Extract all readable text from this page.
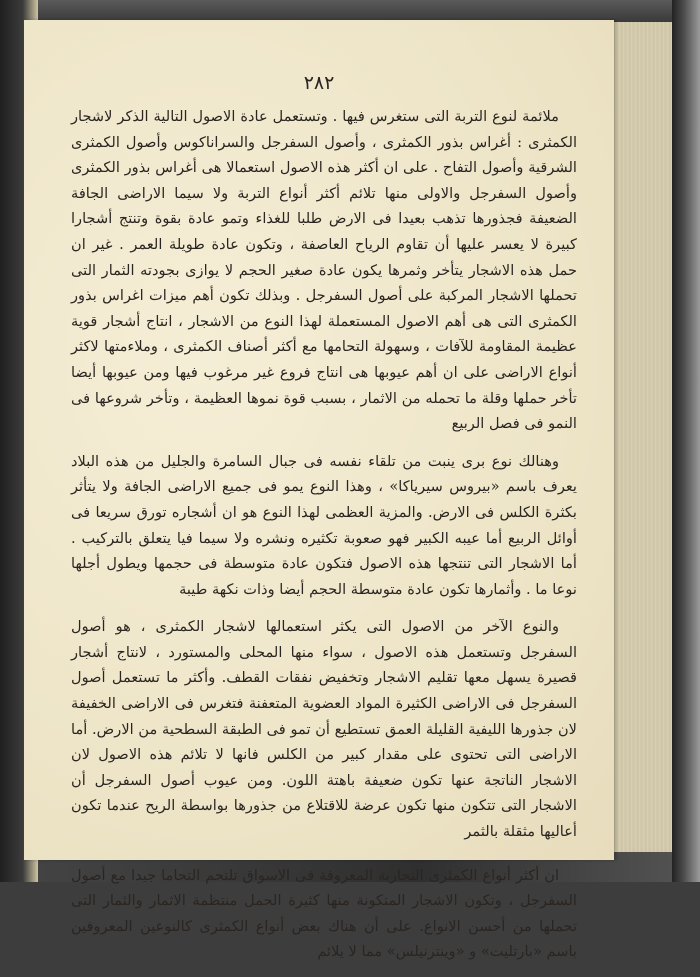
٢٨٢

ملائمة لنوع التربة التى ستغرس فيها . وتستعمل عادة الاصول التالية الذكر لاشجار الكمثرى : أغراس بذور الكمثرى ، وأصول السفرجل والسراناكوس وأصول الكمثرى الشرقية وأصول التفاح . على ان أكثر هذه الاصول استعمالا هى أغراس بذور الكمثرى وأصول السفرجل والاولى منها تلائم أكثر أنواع التربة ولا سيما الاراضى الجافة الضعيفة فجذورها تذهب بعيدا فى الارض طلبا للغذاء وتمو عادة بقوة وتنتج أشجارا كبيرة لا يعسر عليها أن تقاوم الرياح العاصفة ، وتكون عادة طويلة العمر . غير ان حمل هذه الاشجار يتأخر وثمرها يكون عادة صغير الحجم لا يوازى بجودته الثمار التى تحملها الاشجار المركبة على أصول السفرجل . وبذلك تكون أهم ميزات اغراس بذور الكمثرى التى هى أهم الاصول المستعملة لهذا النوع من الاشجار ، انتاج أشجار قوية عظيمة المقاومة للآفات ، وسهولة التحامها مع أكثر أصناف الكمثرى ، وملاءمتها لاكثر أنواع الاراضى على ان أهم عيوبها هى انتاج فروع غير مرغوب فيها ومن عيوبها أيضا تأخر حملها وقلة ما تحمله من الاثمار ، بسبب قوة نموها العظيمة ، وتأخر شروعها فى النمو فى فصل الربيع

وهنالك نوع برى ينبت من تلقاء نفسه فى جبال السامرة والجليل من هذه البلاد يعرف باسم «بيروس سيرياكا» ، وهذا النوع يمو فى جميع الاراضى الجافة ولا يتأثر بكثرة الكلس فى الارض. والمزية العظمى لهذا النوع هو ان أشجاره تورق سريعا فى أوائل الربيع أما عيبه الكبير فهو صعوبة تكثيره ونشره ولا سيما فيا يتعلق بالتركيب . أما الاشجار التى تنتجها هذه الاصول فتكون عادة متوسطة فى حجمها ويطول أجلها نوعا ما . وأثمارها تكون عادة متوسطة الحجم أيضا وذات نكهة طيبة

والنوع الآخر من الاصول التى يكثر استعمالها لاشجار الكمثرى ، هو أصول السفرجل وتستعمل هذه الاصول ، سواء منها المحلى والمستورد ، لانتاج أشجار قصيرة يسهل معها تقليم الاشجار وتخفيض نفقات القطف. وأكثر ما تستعمل أصول السفرجل فى الاراضى الكثيرة المواد العضوية المتعفنة فتغرس فى الاراضى الخفيفة لان جذورها الليفية القليلة العمق تستطيع أن تمو فى الطبقة السطحية من الارض. أما الاراضى التى تحتوى على مقدار كبير من الكلس فانها لا تلائم هذه الاصول لان الاشجار الناتجة عنها تكون ضعيفة باهتة اللون. ومن عيوب أصول السفرجل أن الاشجار التى تتكون منها تكون عرضة للاقتلاع من جذورها بواسطة الريح عندما تكون أعاليها مثقلة بالثمر

ان أكثر أنواع الكمثرى التجارية المعروفة فى الاسواق تلتحم التحاما جيدا مع أصول السفرجل ، وتكون الاشجار المتكونة منها كثيرة الحمل منتظمة الاثمار والثمار التى تحملها من أحسن الانواع. على أن هناك بعض أنواع الكمثرى كالنوعين المعروفين باسم «بارتليت» و «وينترنيلس» مما لا يلائم
